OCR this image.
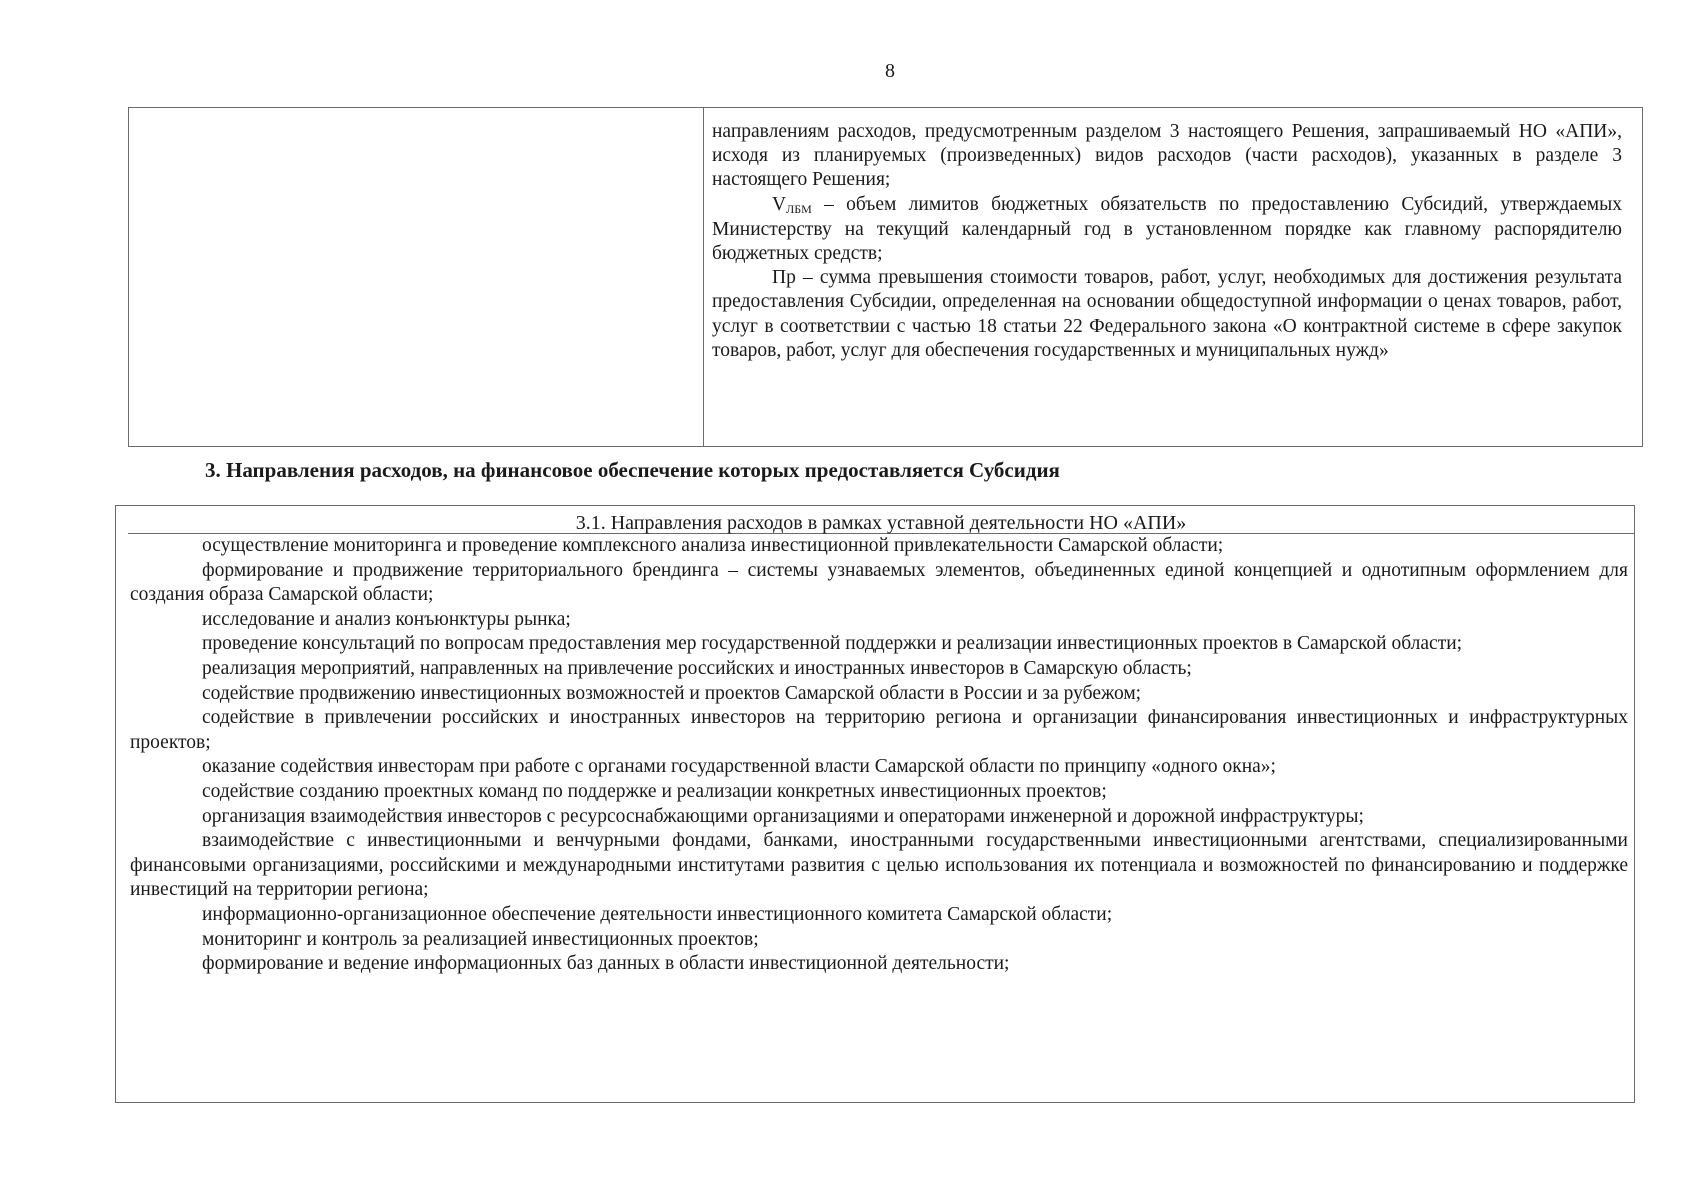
8

направлениям расходов, предусмотренным разделом 3 настоящего Решения, запрашиваемый НО «АПИ», исходя из планируемых (произведенных) видов расходов (части расходов), указанных в разделе 3 настоящего Решения;

$V_{ЛБМ}$ – объем лимитов бюджетных обязательств по предоставлению Субсидий, утверждаемых Министерству на текущий календарный год в установленном порядке как главному распорядителю бюджетных средств;

Пр – сумма превышения стоимости товаров, работ, услуг, необходимых для достижения результата предоставления Субсидии, определенная на основании общедоступной информации о ценах товаров, работ, услуг в соответствии с частью 18 статьи 22 Федерального закона «О контрактной системе в сфере закупок товаров, работ, услуг для обеспечения государственных и муниципальных нужд»

3. Направления расходов, на финансовое обеспечение которых предоставляется Субсидия
3.1. Направления расходов в рамках уставной деятельности НО «АПИ»

осуществление мониторинга и проведение комплексного анализа инвестиционной привлекательности Самарской области;

формирование и продвижение территориального брендинга – системы узнаваемых элементов, объединенных единой концепцией и однотипным оформлением для создания образа Самарской области;

исследование и анализ конъюнктуры рынка;

проведение консультаций по вопросам предоставления мер государственной поддержки и реализации инвестиционных проектов в Самарской области;

реализация мероприятий, направленных на привлечение российских и иностранных инвесторов в Самарскую область;

содействие продвижению инвестиционных возможностей и проектов Самарской области в России и за рубежом;

содействие в привлечении российских и иностранных инвесторов на территорию региона и организации финансирования инвестиционных и инфраструктурных проектов;

оказание содействия инвесторам при работе с органами государственной власти Самарской области по принципу «одного окна»;

содействие созданию проектных команд по поддержке и реализации конкретных инвестиционных проектов;

организация взаимодействия инвесторов с ресурсоснабжающими организациями и операторами инженерной и дорожной инфраструктуры;

взаимодействие с инвестиционными и венчурными фондами, банками, иностранными государственными инвестиционными агентствами, специализированными финансовыми организациями, российскими и международными институтами развития с целью использования их потенциала и возможностей по финансированию и поддержке инвестиций на территории региона;

информационно-организационное обеспечение деятельности инвестиционного комитета Самарской области;

мониторинг и контроль за реализацией инвестиционных проектов;

формирование и ведение информационных баз данных в области инвестиционной деятельности;
